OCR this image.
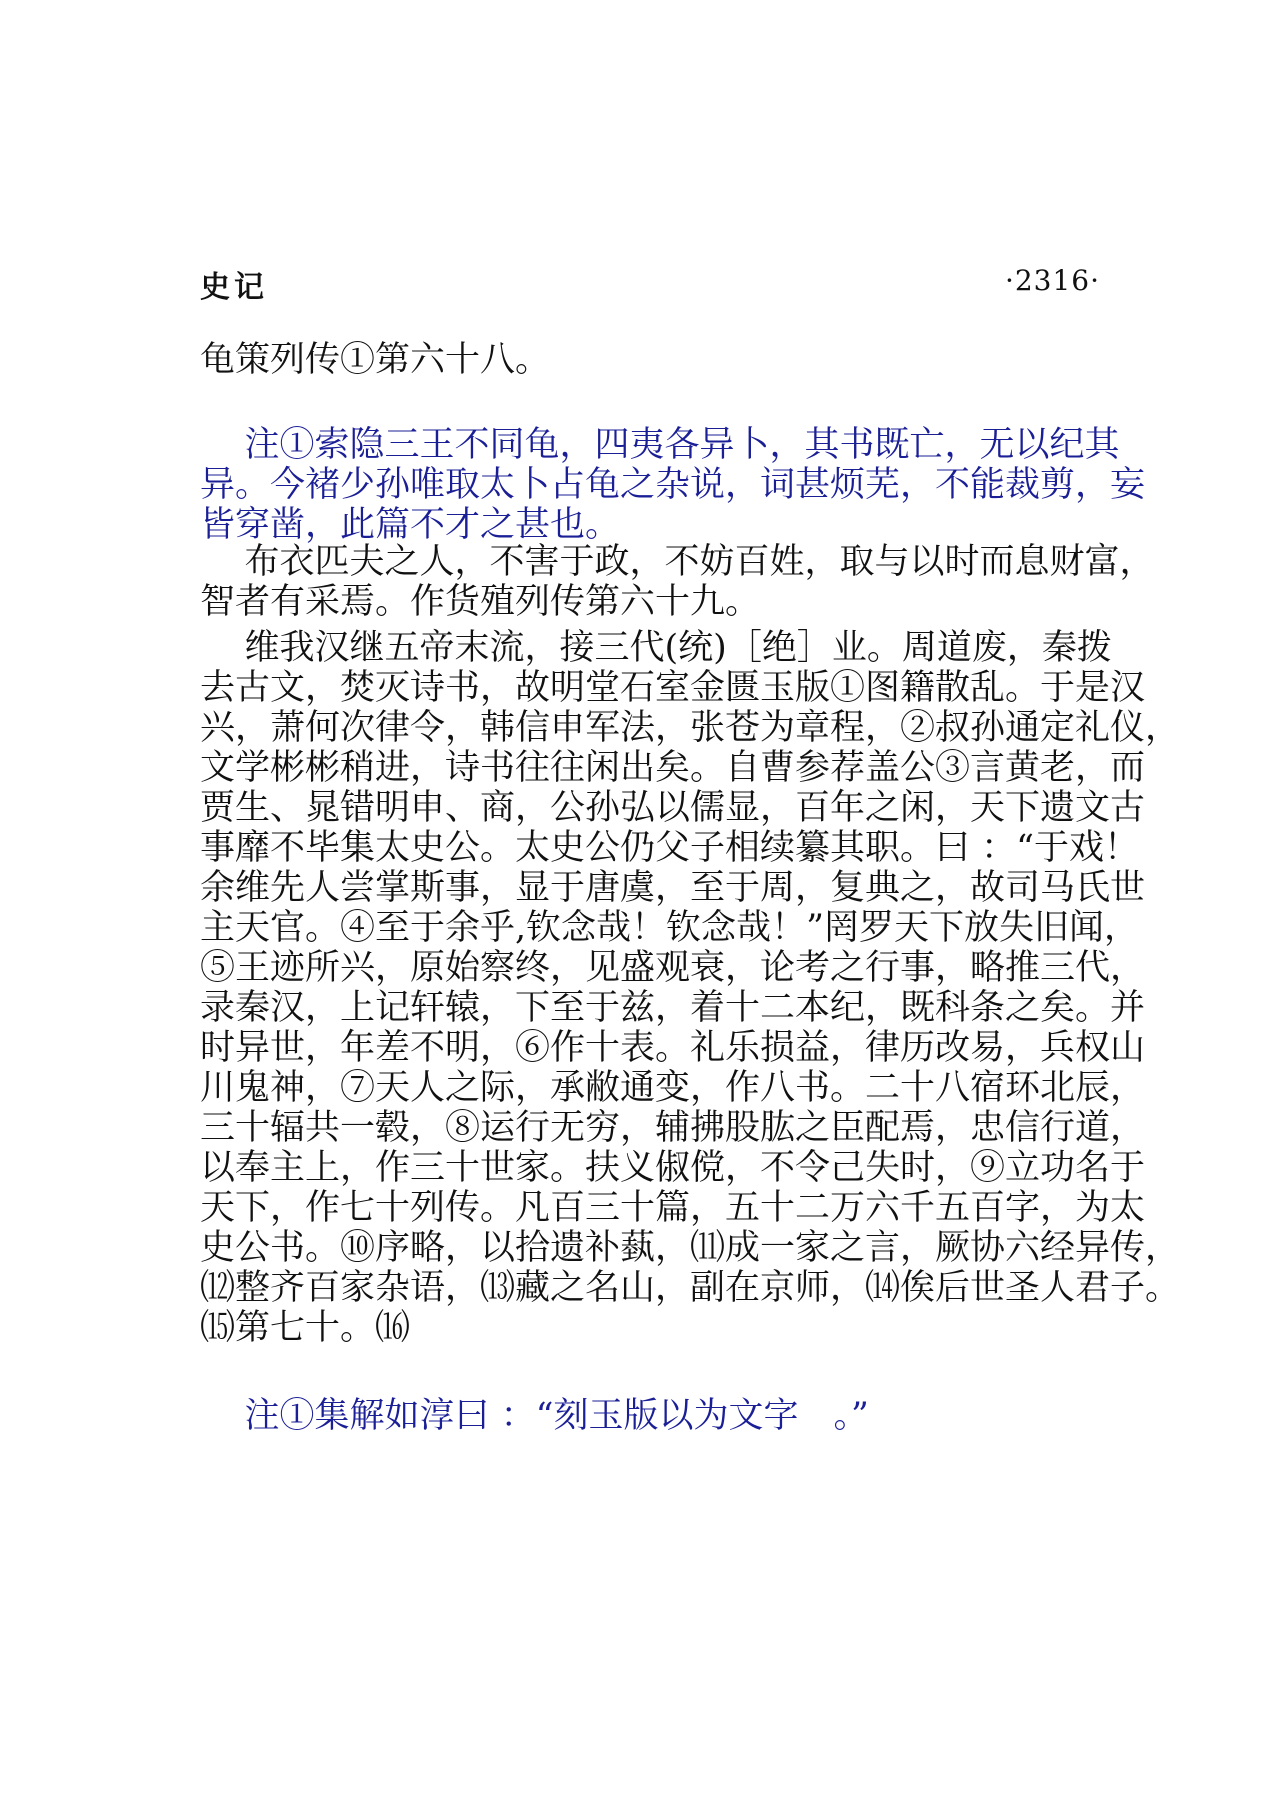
史记	·2316·
龟策列传①第六十八。
注①索隐三王不同龟，四夷各异卜，其书既亡，无以纪其
异。今褚少孙唯取太卜占龟之杂说，词甚烦芜，不能裁剪，妄
皆穿凿，此篇不才之甚也。
布衣匹夫之人，不害于政，不妨百姓，取与以时而息财富，
智者有采焉。作货殖列传第六十九。
维我汉继五帝末流，接三代(统)［绝］业。周道废，秦拨
去古文，焚灭诗书，故明堂石室金匮玉版①图籍散乱。于是汉
兴，萧何次律令，韩信申军法，张苍为章程，②叔孙通定礼仪，
文学彬彬稍进，诗书往往闲出矣。自曹参荐盖公③言黄老，而
贾生、晁错明申、商，公孙弘以儒显，百年之闲，天下遗文古
事靡不毕集太史公。太史公仍父子相续纂其职。曰 ：“于戏！
余维先人尝掌斯事，显于唐虞，至于周，复典之，故司马氏世
主天官。④至于余乎,钦念哉！钦念哉！”罔罗天下放失旧闻，
⑤王迹所兴，原始察终，见盛观衰，论考之行事，略推三代，
录秦汉，上记轩辕，下至于兹，着十二本纪，既科条之矣。并
时异世，年差不明，⑥作十表。礼乐损益，律历改易，兵权山
川鬼神，⑦天人之际，承敝通变，作八书。二十八宿环北辰，
三十辐共一毂，⑧运行无穷，辅拂股肱之臣配焉，忠信行道，
以奉主上，作三十世家。扶义俶傥，不令己失时，⑨立功名于
天下，作七十列传。凡百三十篇，五十二万六千五百字，为太
史公书。⑩序略，以拾遗补蓺，⑾成一家之言，厥协六经异传，
⑿整齐百家杂语，⒀藏之名山，副在京师，⒁俟后世圣人君子。
⒂第七十。⒃
注①集解如淳曰 ：“刻玉版以为文字　。”
